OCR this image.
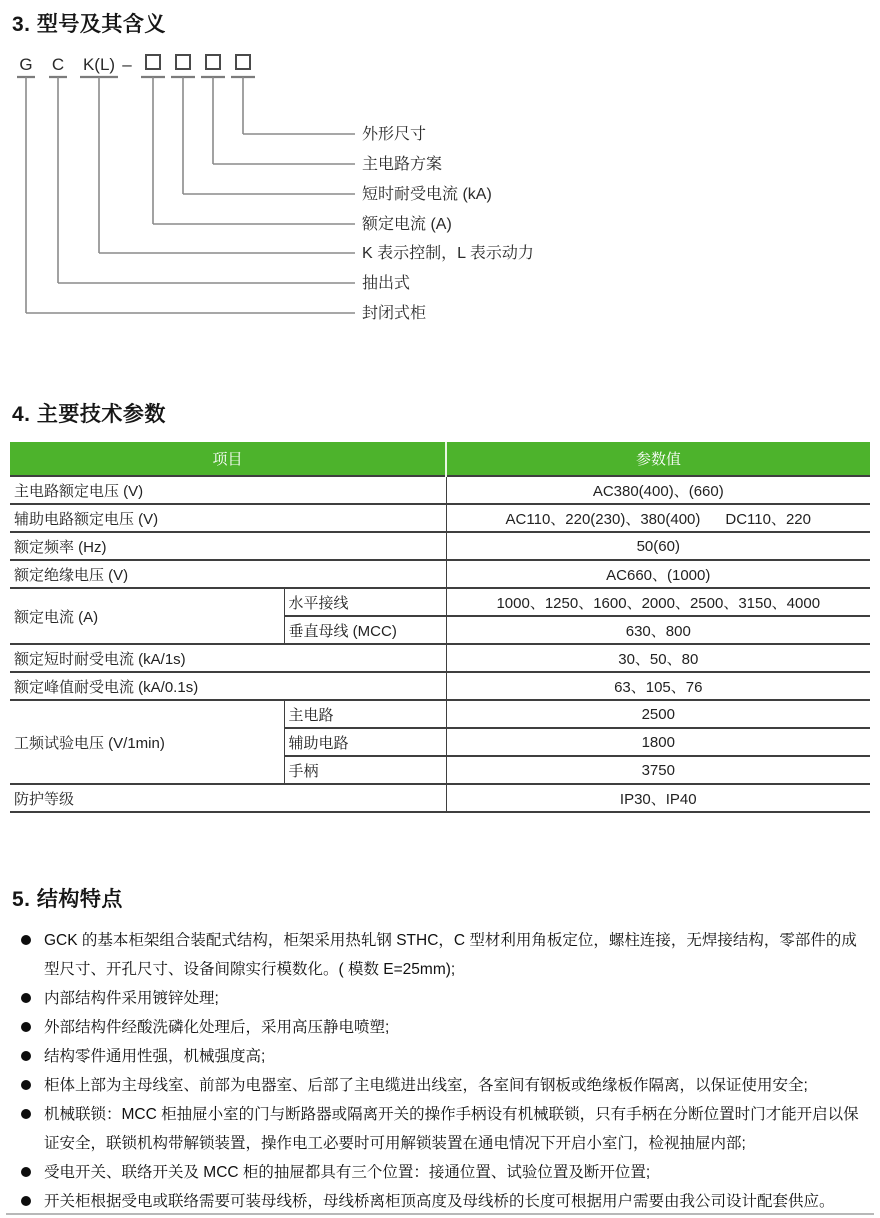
3. 型号及其含义
G C K(L) –
外形尺寸
主电路方案
短时耐受电流 (kA)
额定电流 (A)
K 表示控制，L 表示动力
抽出式
封闭式柜
4. 主要技术参数
项目		参数值
主电路额定电压 (V)		AC380(400)、(660)
辅助电路额定电压 (V)		AC110、220(230)、380(400)      DC110、220
额定频率 (Hz)		50(60)
额定绝缘电压 (V)		AC660、(1000)
额定电流 (A)	水平接线	1000、1250、1600、2000、2500、3150、4000
	垂直母线 (MCC)	630、800
额定短时耐受电流 (kA/1s)		30、50、80
额定峰值耐受电流 (kA/0.1s)		63、105、76
工频试验电压 (V/1min)	主电路	2500
	辅助电路	1800
	手柄	3750
防护等级		IP30、IP40
5. 结构特点
GCK 的基本柜架组合装配式结构，柜架采用热轧钢 STHC，C 型材利用角板定位，螺柱连接，无焊接结构，零部件的成型尺寸、开孔尺寸、设备间隙实行模数化。( 模数 E=25mm);
内部结构件采用镀锌处理;
外部结构件经酸洗磷化处理后，采用高压静电喷塑;
结构零件通用性强，机械强度高;
柜体上部为主母线室、前部为电器室、后部了主电缆进出线室，各室间有钢板或绝缘板作隔离，以保证使用安全;
机械联锁：MCC 柜抽屉小室的门与断路器或隔离开关的操作手柄设有机械联锁，只有手柄在分断位置时门才能开启以保证安全，联锁机构带解锁装置，操作电工必要时可用解锁装置在通电情况下开启小室门，检视抽屉内部;
受电开关、联络开关及 MCC 柜的抽屉都具有三个位置：接通位置、试验位置及断开位置;
开关柜根据受电或联络需要可装母线桥，母线桥离柜顶高度及母线桥的长度可根据用户需要由我公司设计配套供应。
